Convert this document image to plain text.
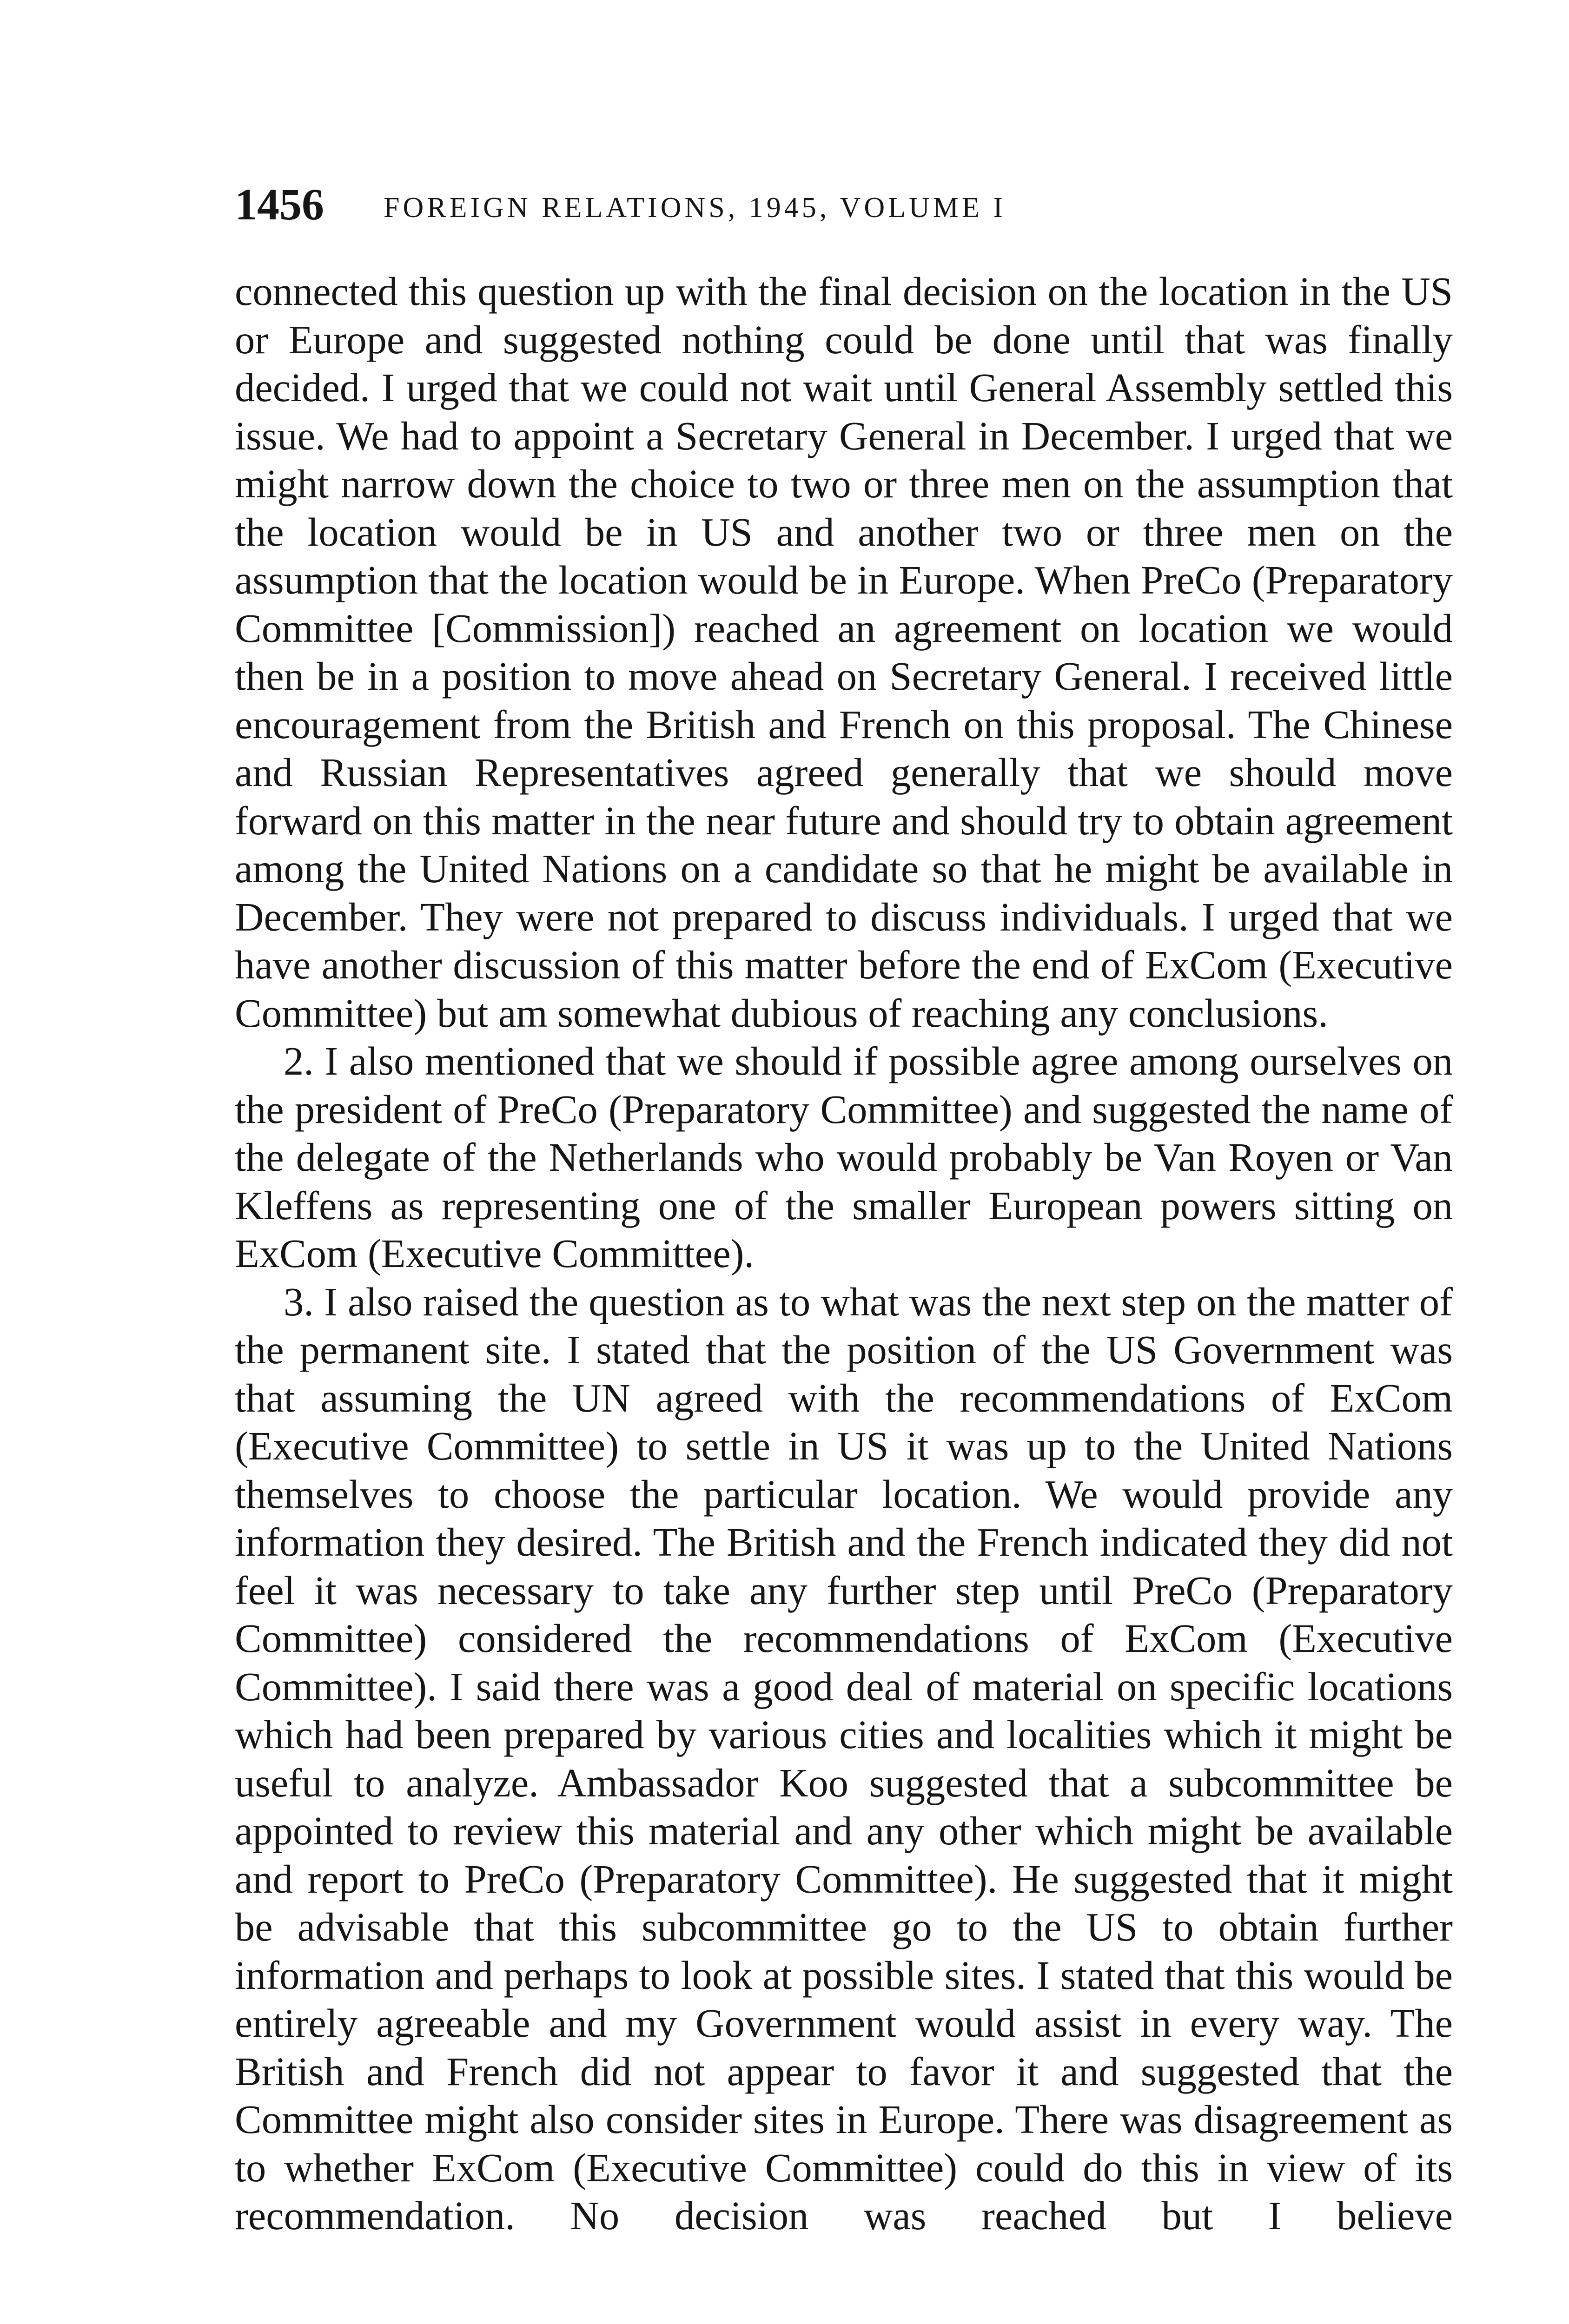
1456 FOREIGN RELATIONS, 1945, VOLUME I

connected this question up with the final decision on the location in the US or Europe and suggested nothing could be done until that was finally decided. I urged that we could not wait until General Assembly settled this issue. We had to appoint a Secretary General in December. I urged that we might narrow down the choice to two or three men on the assumption that the location would be in US and another two or three men on the assumption that the location would be in Europe. When PreCo (Preparatory Committee [Commission]) reached an agreement on location we would then be in a position to move ahead on Secretary General. I received little encouragement from the British and French on this proposal. The Chinese and Russian Representatives agreed generally that we should move forward on this matter in the near future and should try to obtain agreement among the United Nations on a candidate so that he might be available in December. They were not prepared to discuss individuals. I urged that we have another discussion of this matter before the end of ExCom (Executive Committee) but am somewhat dubious of reaching any conclusions.

2. I also mentioned that we should if possible agree among ourselves on the president of PreCo (Preparatory Committee) and suggested the name of the delegate of the Netherlands who would probably be Van Royen or Van Kleffens as representing one of the smaller European powers sitting on ExCom (Executive Committee).

3. I also raised the question as to what was the next step on the matter of the permanent site. I stated that the position of the US Government was that assuming the UN agreed with the recommendations of ExCom (Executive Committee) to settle in US it was up to the United Nations themselves to choose the particular location. We would provide any information they desired. The British and the French indicated they did not feel it was necessary to take any further step until PreCo (Preparatory Committee) considered the recommendations of ExCom (Executive Committee). I said there was a good deal of material on specific locations which had been prepared by various cities and localities which it might be useful to analyze. Ambassador Koo suggested that a subcommittee be appointed to review this material and any other which might be available and report to PreCo (Preparatory Committee). He suggested that it might be advisable that this subcommittee go to the US to obtain further information and perhaps to look at possible sites. I stated that this would be entirely agreeable and my Government would assist in every way. The British and French did not appear to favor it and suggested that the Committee might also consider sites in Europe. There was disagreement as to whether ExCom (Executive Committee) could do this in view of its recommendation. No decision was reached but I believe
